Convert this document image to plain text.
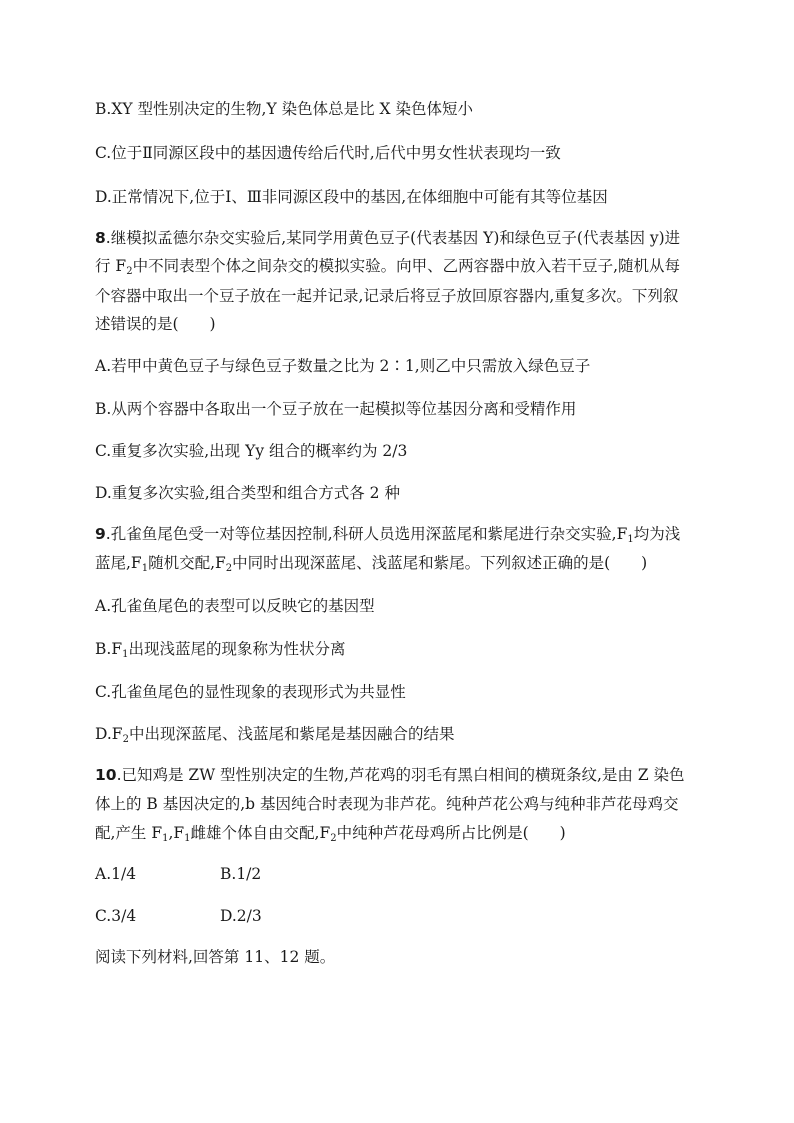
B.XY 型性别决定的生物,Y 染色体总是比 X 染色体短小
C.位于Ⅱ同源区段中的基因遗传给后代时,后代中男女性状表现均一致
D.正常情况下,位于Ⅰ、Ⅲ非同源区段中的基因,在体细胞中可能有其等位基因
8.继模拟孟德尔杂交实验后,某同学用黄色豆子(代表基因 Y)和绿色豆子(代表基因 y)进
行 $F_2$中不同表型个体之间杂交的模拟实验。向甲、乙两容器中放入若干豆子,随机从每
个容器中取出一个豆子放在一起并记录,记录后将豆子放回原容器内,重复多次。下列叙
述错误的是(　　)
A.若甲中黄色豆子与绿色豆子数量之比为 2∶1,则乙中只需放入绿色豆子
B.从两个容器中各取出一个豆子放在一起模拟等位基因分离和受精作用
C.重复多次实验,出现 Yy 组合的概率约为 2/3
D.重复多次实验,组合类型和组合方式各 2 种
9.孔雀鱼尾色受一对等位基因控制,科研人员选用深蓝尾和紫尾进行杂交实验$,F_1$均为浅
蓝尾$,F_1$随机交配$,F_2$中同时出现深蓝尾、浅蓝尾和紫尾。下列叙述正确的是(　　)
A.孔雀鱼尾色的表型可以反映它的基因型
$B.F_1$出现浅蓝尾的现象称为性状分离
C.孔雀鱼尾色的显性现象的表现形式为共显性
$D.F_2$中出现深蓝尾、浅蓝尾和紫尾是基因融合的结果
10.已知鸡是 ZW 型性别决定的生物,芦花鸡的羽毛有黑白相间的横斑条纹,是由 Z 染色
体上的 B 基因决定的,b 基因纯合时表现为非芦花。纯种芦花公鸡与纯种非芦花母鸡交
配,产生 $F_1,F_1$雌雄个体自由交配$,F_2$中纯种芦花母鸡所占比例是(　　)
A.1/4	B.1/2
C.3/4	D.2/3
阅读下列材料,回答第 11、12 题。
